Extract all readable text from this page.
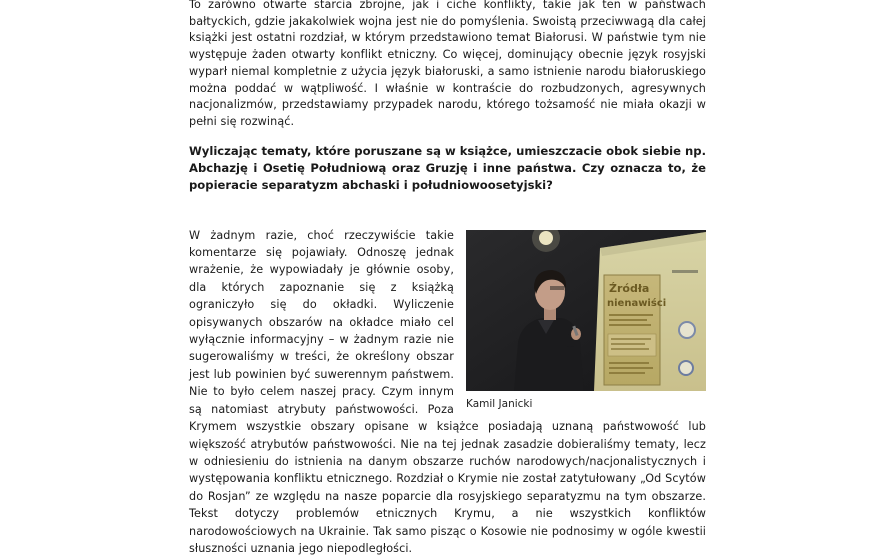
To zarówno otwarte starcia zbrojne, jak i ciche konflikty, takie jak ten w państwach bałtyckich, gdzie jakakolwiek wojna jest nie do pomyślenia. Swoistą przeciwwagą dla całej książki jest ostatni rozdział, w którym przedstawiono temat Białorusi. W państwie tym nie występuje żaden otwarty konflikt etniczny. Co więcej, dominujący obecnie język rosyjski wyparł niemal kompletnie z użycia język białoruski, a samo istnienie narodu białoruskiego można poddać w wątpliwość. I właśnie w kontraście do rozbudzonych, agresywnych nacjonalizmów, przedstawiamy przypadek narodu, którego tożsamość nie miała okazji w pełni się rozwinąć.

Wyliczając tematy, które poruszane są w książce, umieszczacie obok siebie np. Abchazję i Osetię Południową oraz Gruzję i inne państwa. Czy oznacza to, że popieracie separatyzm abchaski i południowoosetyjski?

Źródła
nienawiści
Kamil Janicki

W żadnym razie, choć rzeczywiście takie komentarze się pojawiały. Odnoszę jednak wrażenie, że wypowiadały je głównie osoby, dla których zapoznanie się z książką ograniczyło się do okładki. Wyliczenie opisywanych obszarów na okładce miało cel wyłącznie informacyjny – w żadnym razie nie sugerowaliśmy w treści, że określony obszar jest lub powinien być suwerennym państwem. Nie to było celem naszej pracy. Czym innym są natomiast atrybuty państwowości. Poza Krymem wszystkie obszary opisane w książce posiadają uznaną państwowość lub większość atrybutów państwowości. Nie na tej jednak zasadzie dobieraliśmy tematy, lecz w odniesieniu do istnienia na danym obszarze ruchów narodowych/nacjonalistycznych i występowania konfliktu etnicznego. Rozdział o Krymie nie został zatytułowany „Od Scytów do Rosjan” ze względu na nasze poparcie dla rosyjskiego separatyzmu na tym obszarze. Tekst dotyczy problemów etnicznych Krymu, a nie wszystkich konfliktów narodowościowych na Ukrainie. Tak samo pisząc o Kosowie nie podnosimy w ogóle kwestii słuszności uznania jego niepodległości.
